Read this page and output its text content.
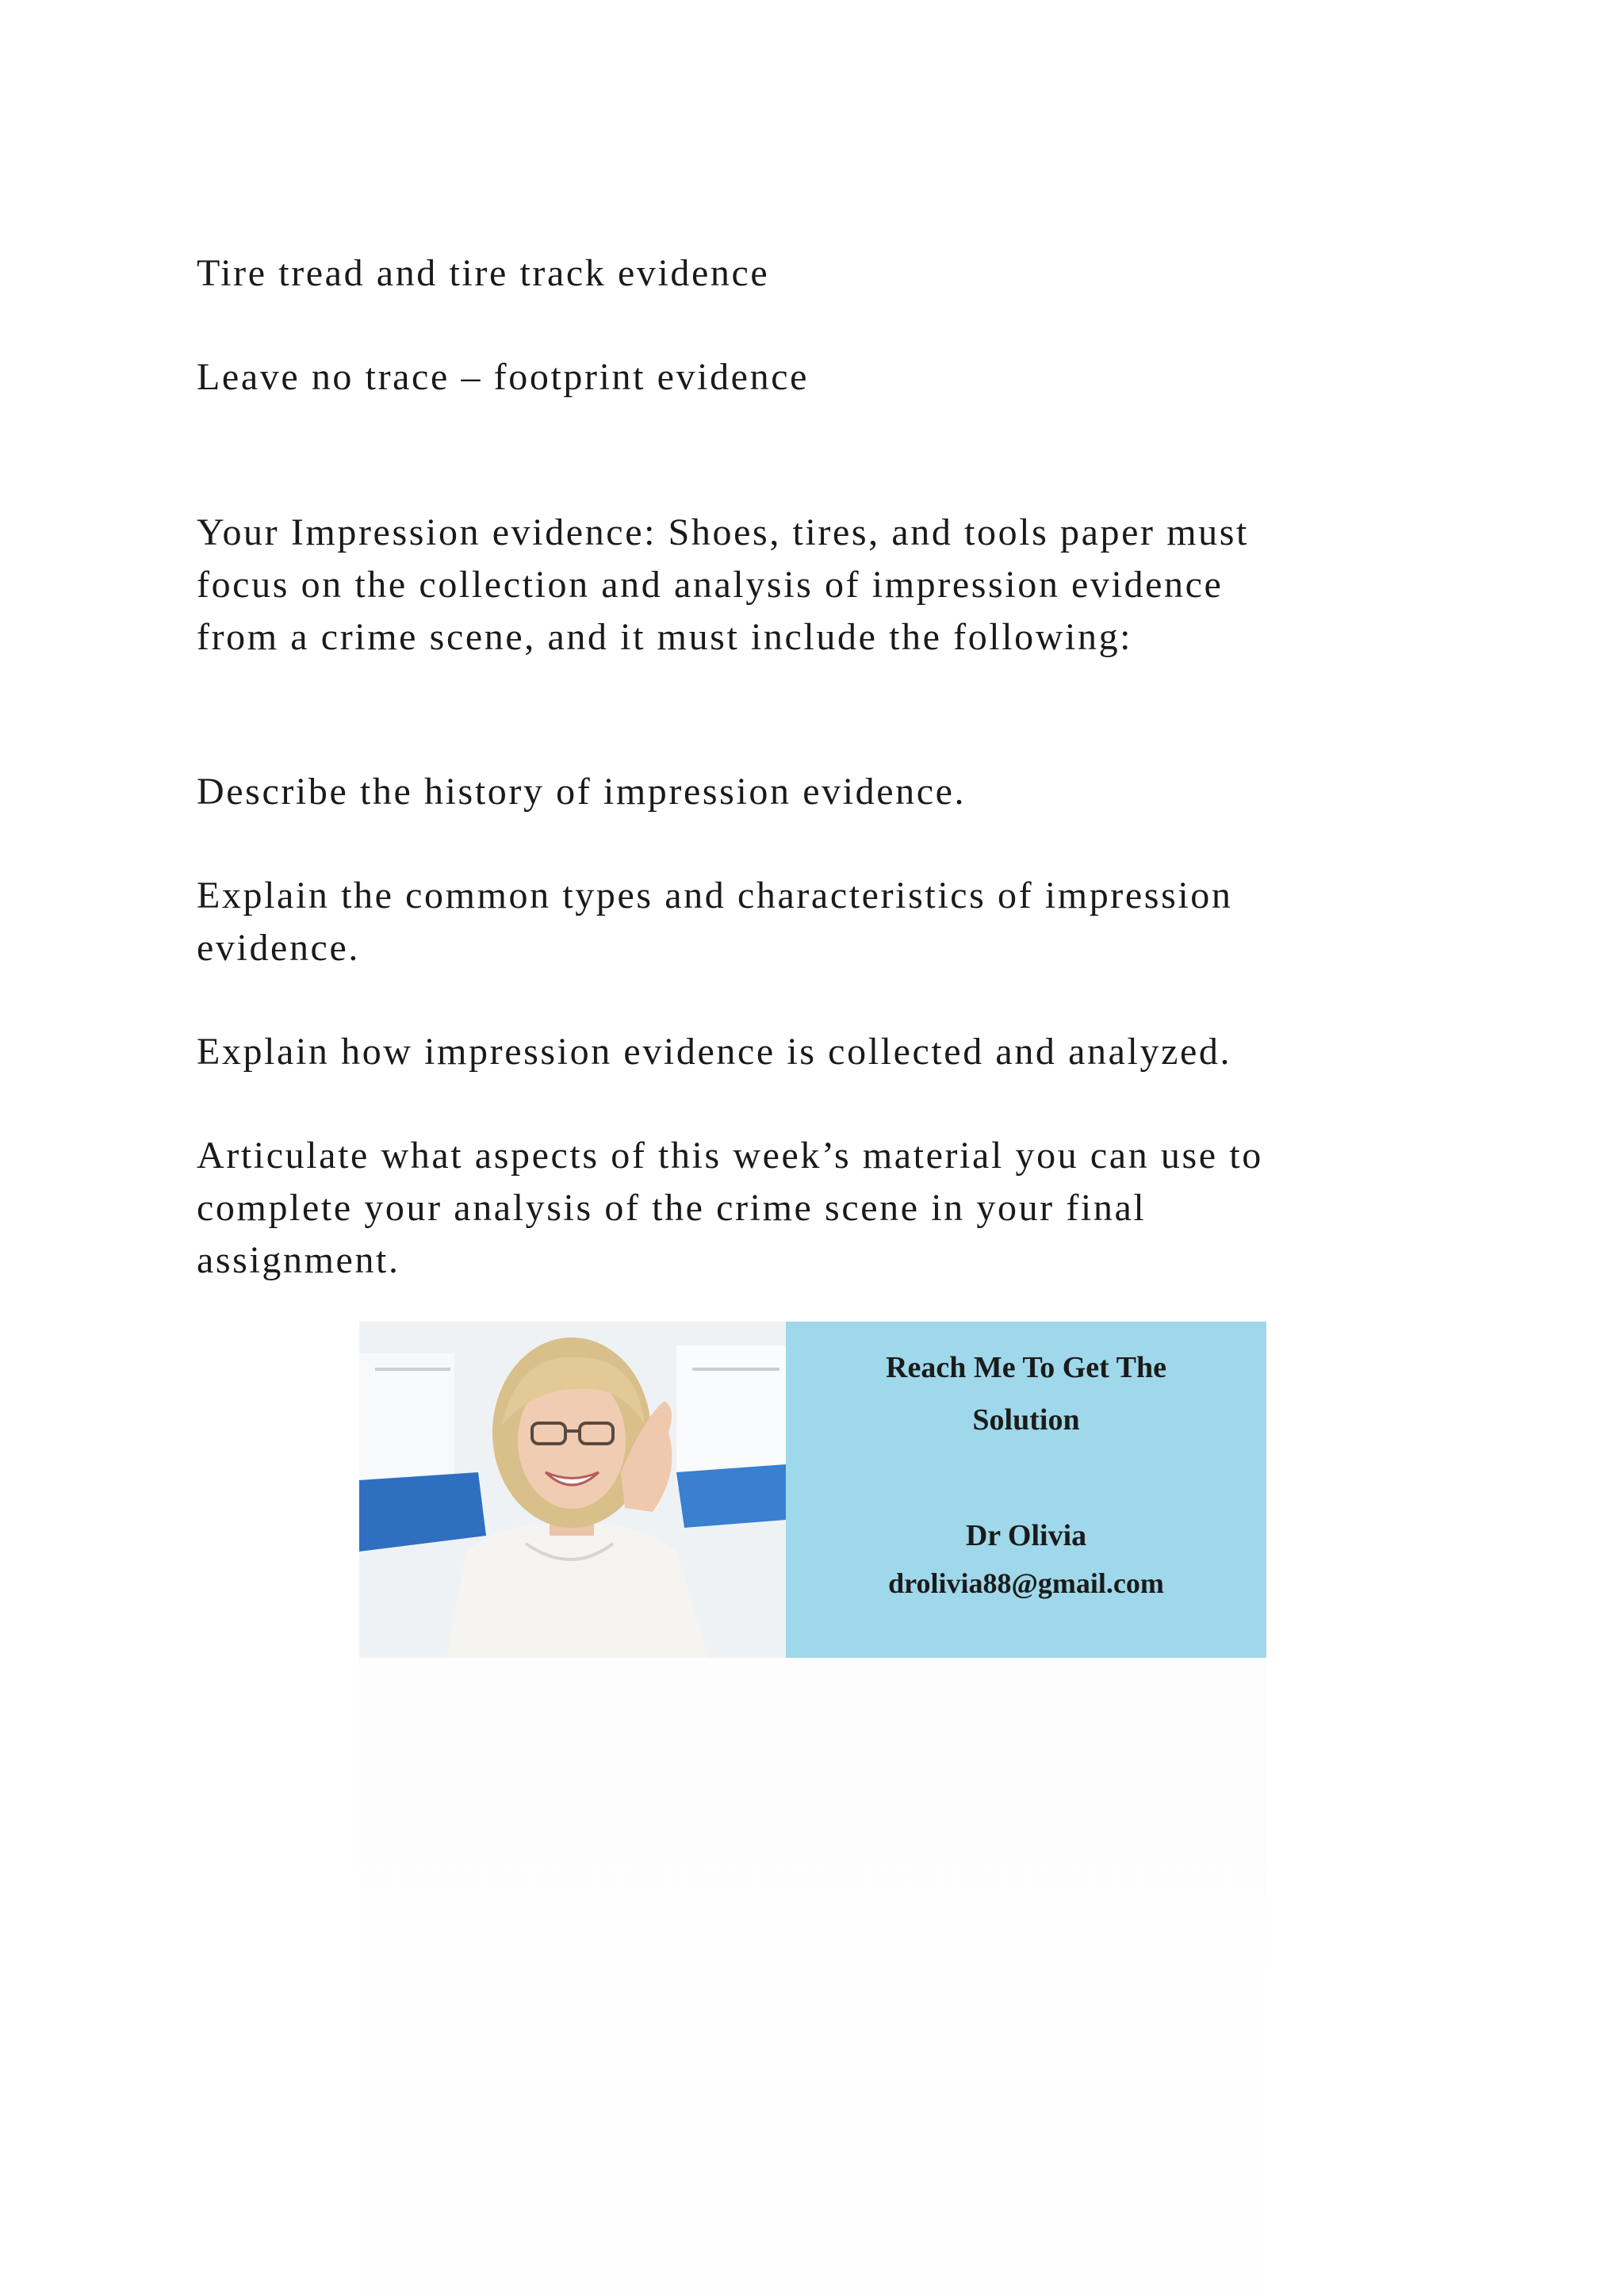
Tire tread and tire track evidence

Leave no trace – footprint evidence

Your Impression evidence: Shoes, tires, and tools paper must
focus on the collection and analysis of impression evidence
from a crime scene, and it must include the following:

Describe the history of impression evidence.

Explain the common types and characteristics of impression
evidence.

Explain how impression evidence is collected and analyzed.

Articulate what aspects of this week’s material you can use to
complete your analysis of the crime scene in your final
assignment.

Reach Me To Get The
Solution
Dr Olivia
drolivia88@gmail.com
